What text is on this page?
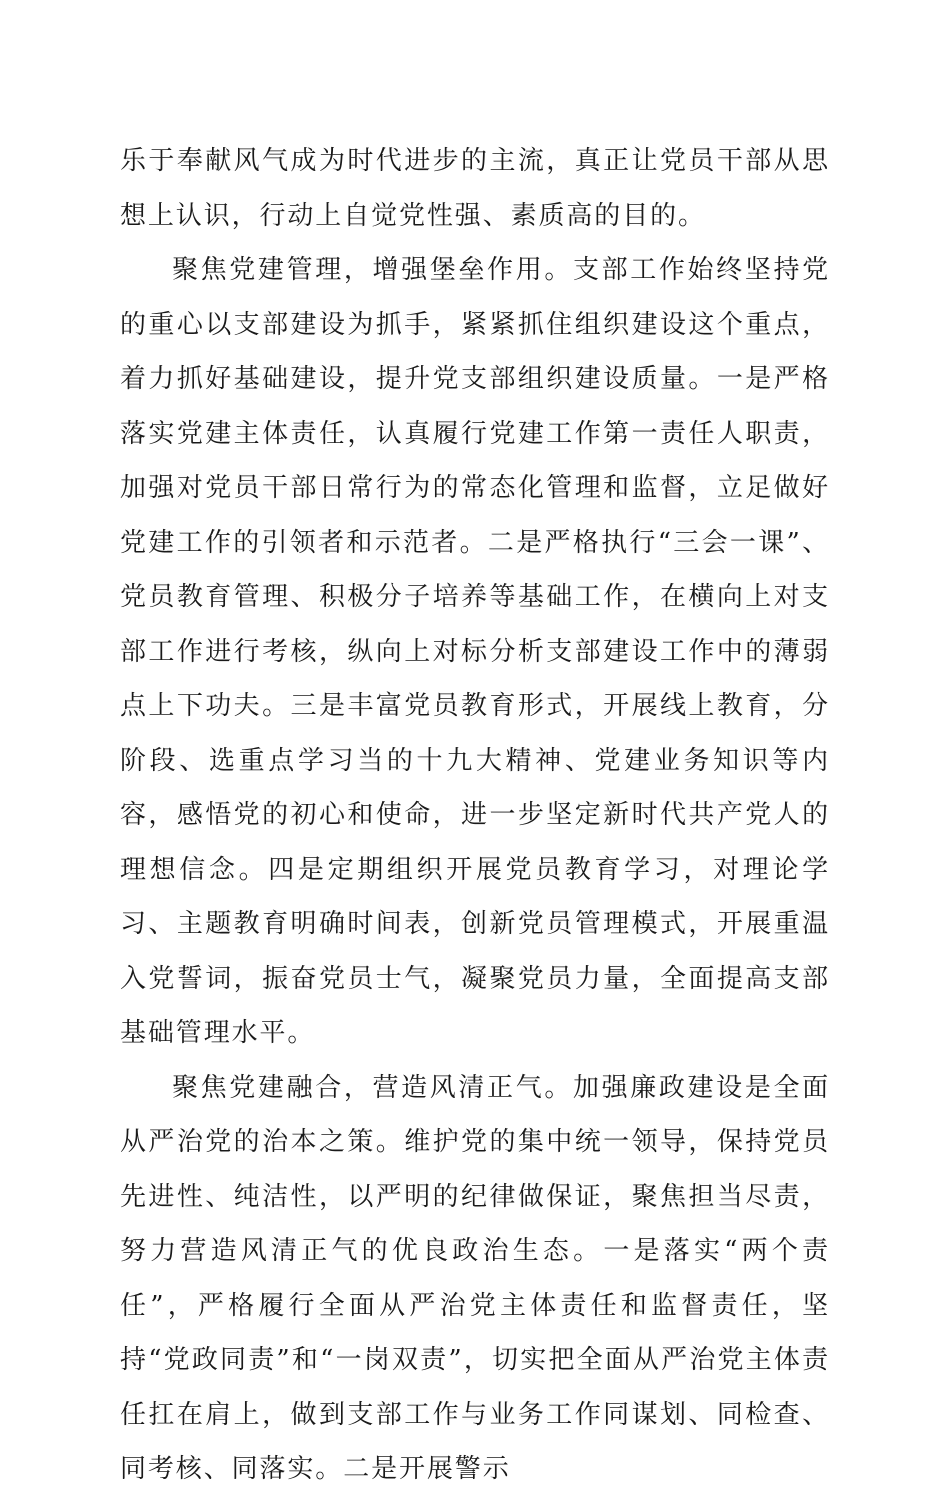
乐于奉献风气成为时代进步的主流，真正让党员干部从思想上认识，行动上自觉党性强、素质高的目的。

聚焦党建管理，增强堡垒作用。支部工作始终坚持党的重心以支部建设为抓手，紧紧抓住组织建设这个重点，着力抓好基础建设，提升党支部组织建设质量。一是严格落实党建主体责任，认真履行党建工作第一责任人职责，加强对党员干部日常行为的常态化管理和监督，立足做好党建工作的引领者和示范者。二是严格执行“三会一课”、党员教育管理、积极分子培养等基础工作，在横向上对支部工作进行考核，纵向上对标分析支部建设工作中的薄弱点上下功夫。三是丰富党员教育形式，开展线上教育，分阶段、选重点学习当的十九大精神、党建业务知识等内容，感悟党的初心和使命，进一步坚定新时代共产党人的理想信念。四是定期组织开展党员教育学习，对理论学习、主题教育明确时间表，创新党员管理模式，开展重温入党誓词，振奋党员士气，凝聚党员力量，全面提高支部基础管理水平。

聚焦党建融合，营造风清正气。加强廉政建设是全面从严治党的治本之策。维护党的集中统一领导，保持党员先进性、纯洁性，以严明的纪律做保证，聚焦担当尽责，努力营造风清正气的优良政治生态。一是落实“两个责任”，严格履行全面从严治党主体责任和监督责任，坚持“党政同责”和“一岗双责”，切实把全面从严治党主体责任扛在肩上，做到支部工作与业务工作同谋划、同检查、同考核、同落实。二是开展警示
